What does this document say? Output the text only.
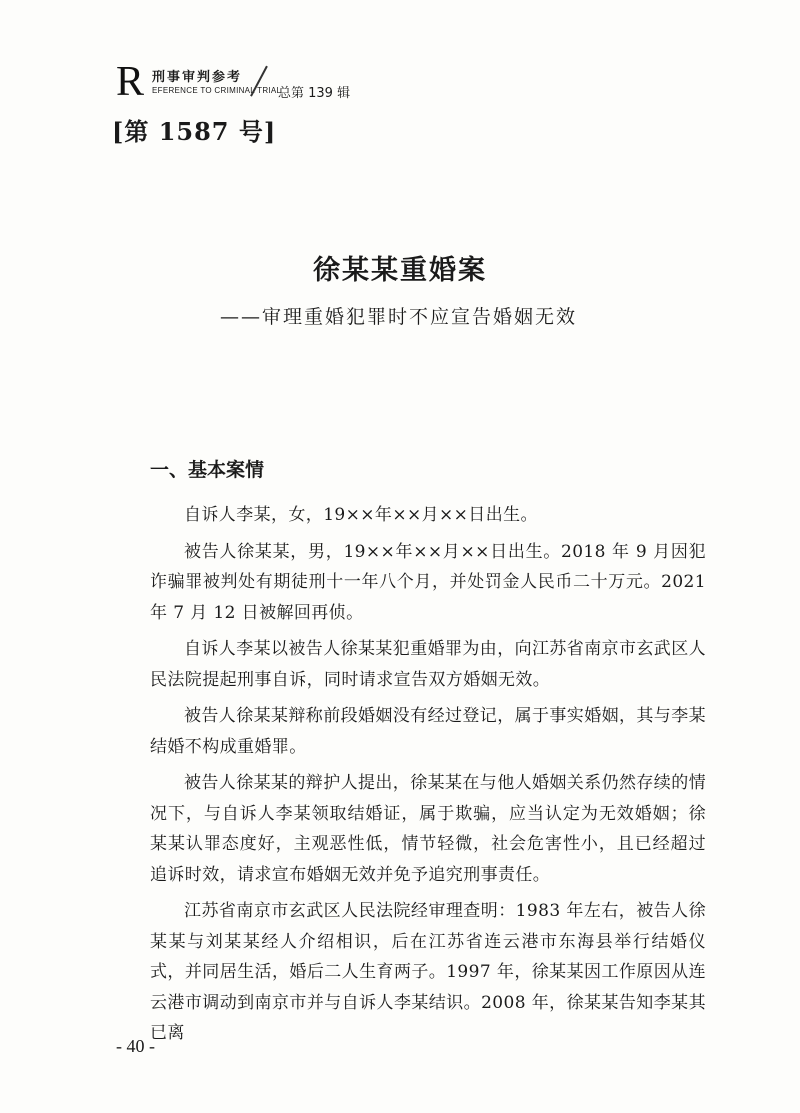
R 刑事审判参考
EFERENCE TO CRIMINAL TRIAL
总第 139 辑
[第 1587 号]
徐某某重婚案
——审理重婚犯罪时不应宣告婚姻无效
一、基本案情

自诉人李某，女，19××年××月××日出生。

被告人徐某某，男，19××年××月××日出生。2018 年 9 月因犯诈骗罪被判处有期徒刑十一年八个月，并处罚金人民币二十万元。2021 年 7 月 12 日被解回再侦。

自诉人李某以被告人徐某某犯重婚罪为由，向江苏省南京市玄武区人民法院提起刑事自诉，同时请求宣告双方婚姻无效。

被告人徐某某辩称前段婚姻没有经过登记，属于事实婚姻，其与李某结婚不构成重婚罪。

被告人徐某某的辩护人提出，徐某某在与他人婚姻关系仍然存续的情况下，与自诉人李某领取结婚证，属于欺骗，应当认定为无效婚姻；徐某某认罪态度好，主观恶性低，情节轻微，社会危害性小，且已经超过追诉时效，请求宣布婚姻无效并免予追究刑事责任。

江苏省南京市玄武区人民法院经审理查明：1983 年左右，被告人徐某某与刘某某经人介绍相识，后在江苏省连云港市东海县举行结婚仪式，并同居生活，婚后二人生育两子。1997 年，徐某某因工作原因从连云港市调动到南京市并与自诉人李某结识。2008 年，徐某某告知李某其已离

- 40 -
